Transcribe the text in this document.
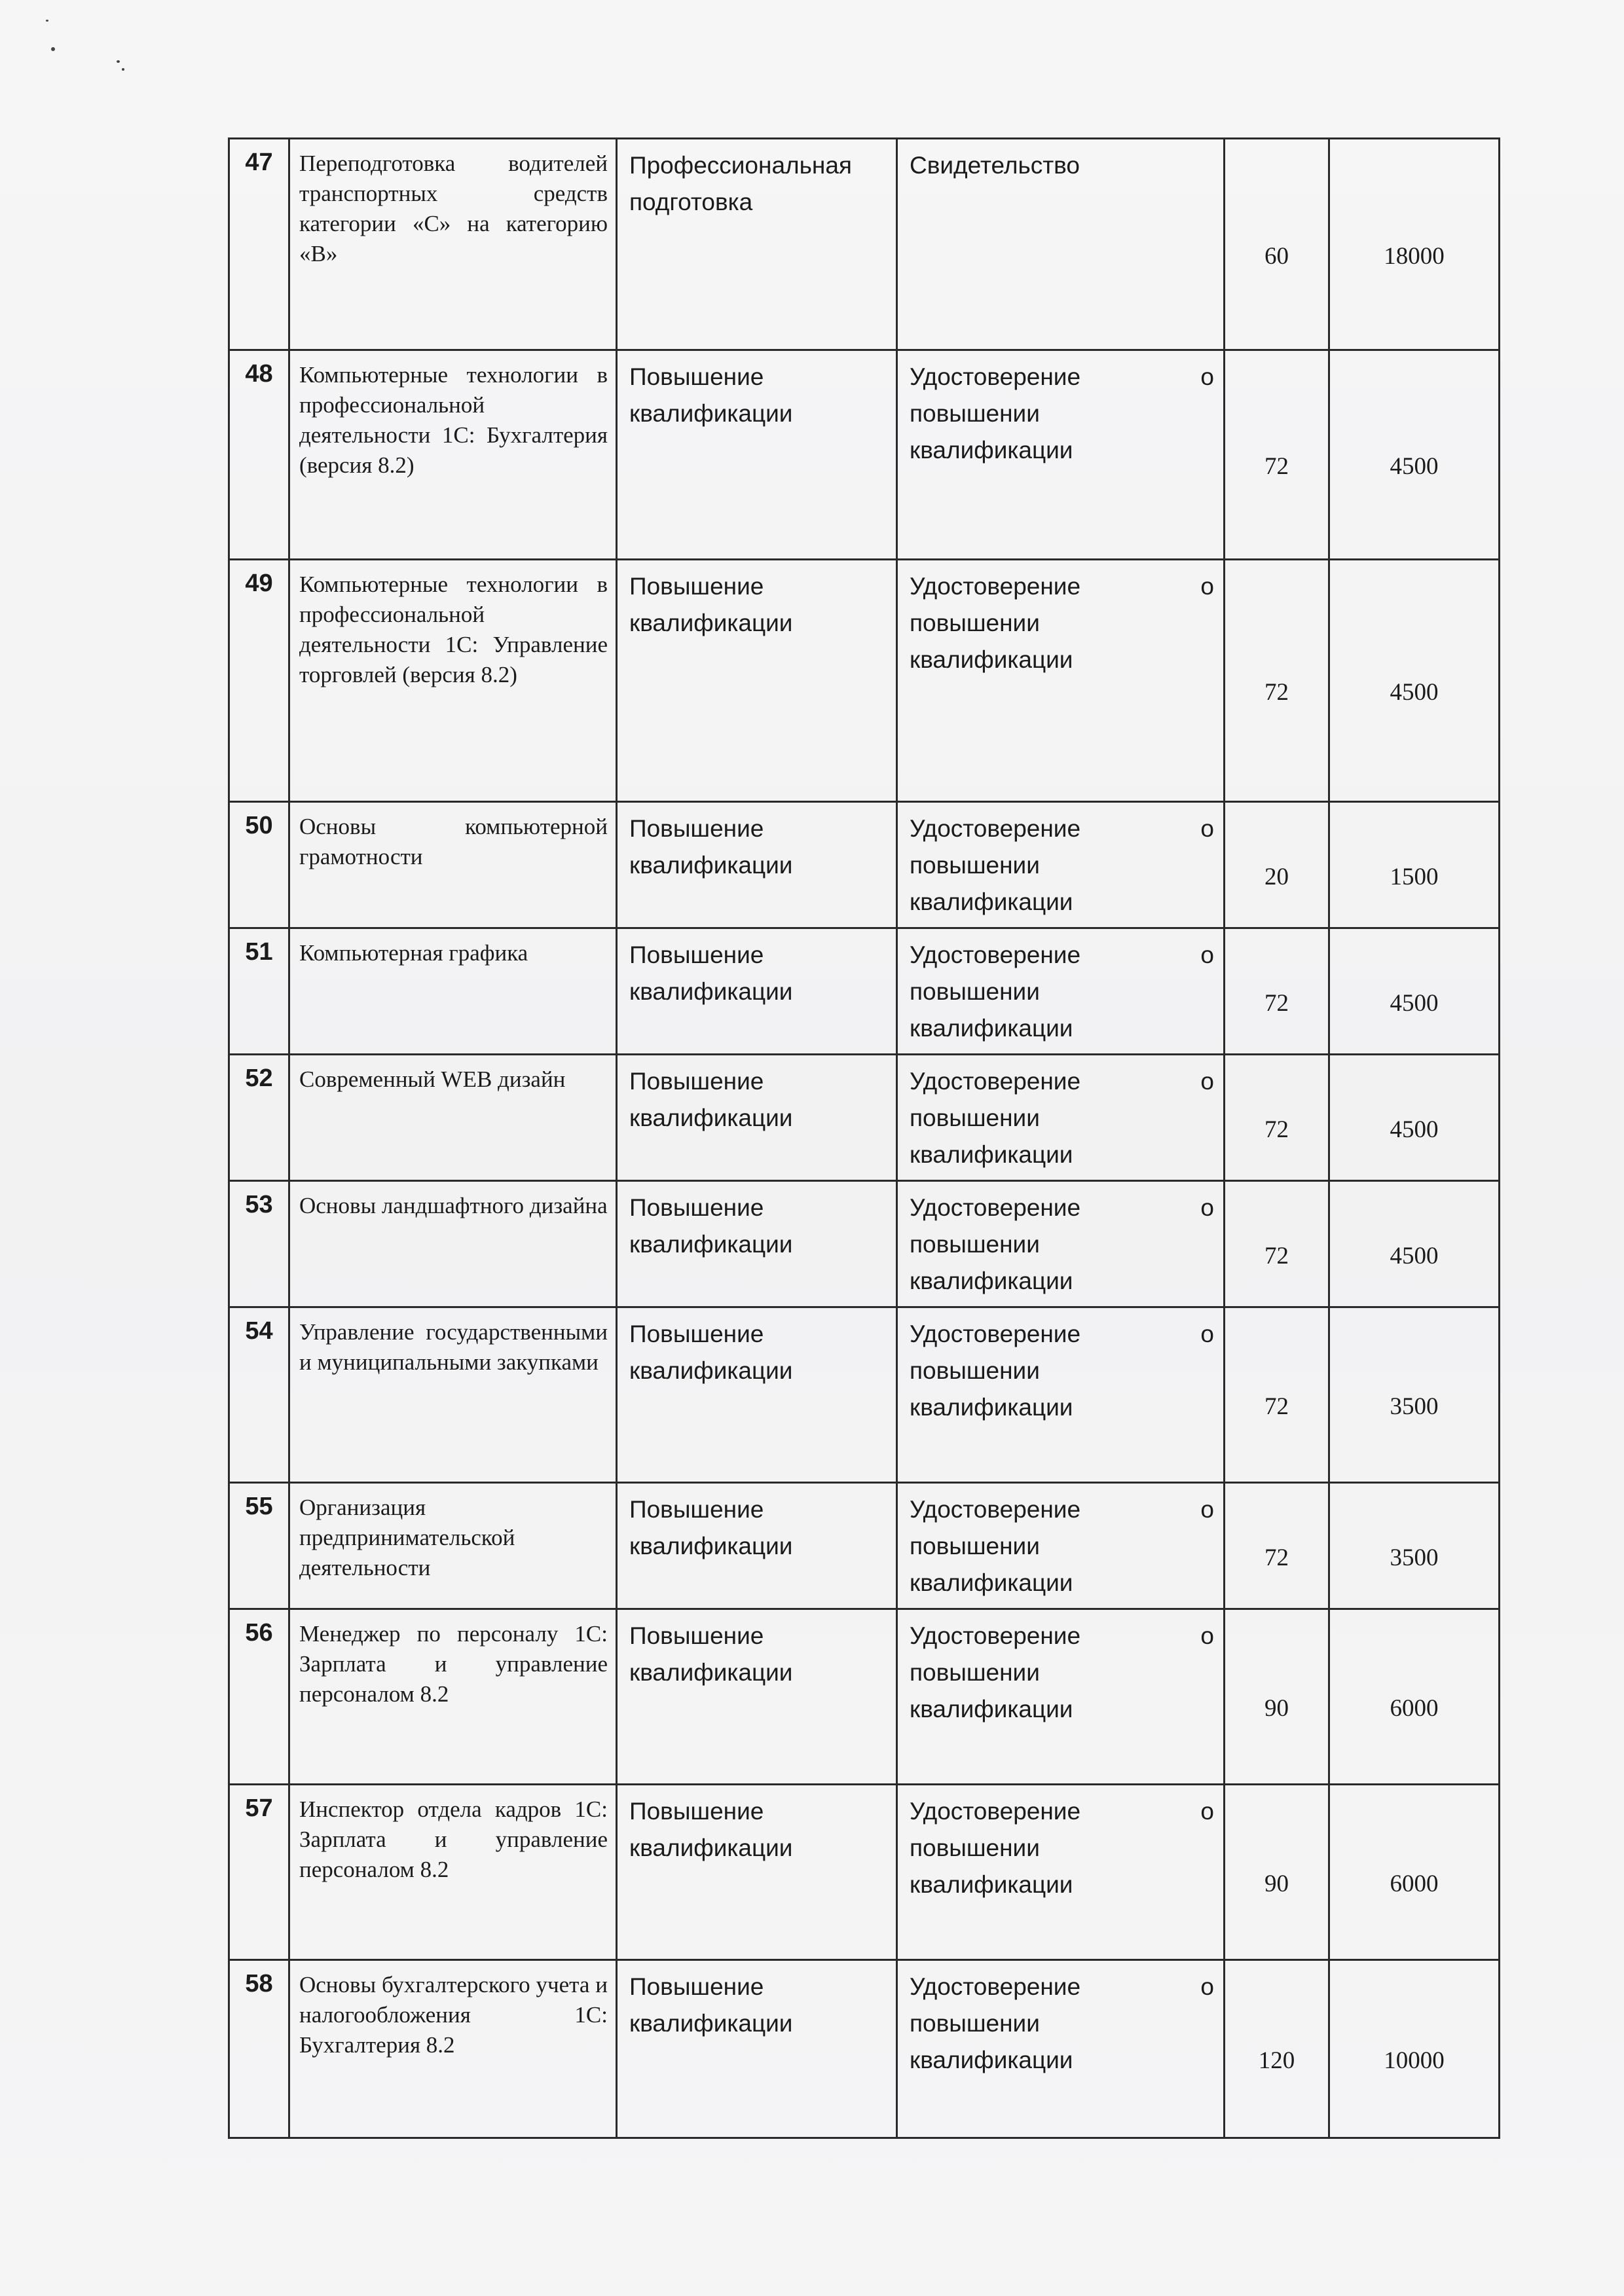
47	Переподготовка водителей транспортных средств категории «С» на категорию «В»	Профессиональная подготовка	Свидетельство	60	18000
48	Компьютерные технологии в профессиональной деятельности 1С: Бухгалтерия (версия 8.2)	Повышение квалификации	Удостоверение о
повышении
квалификации	72	4500
49	Компьютерные технологии в профессиональной деятельности 1С: Управление торговлей (версия 8.2)	Повышение квалификации	Удостоверение о
повышении
квалификации	72	4500
50	Основы компьютерной грамотности	Повышение квалификации	Удостоверение о
повышении
квалификации	20	1500
51	Компьютерная графика	Повышение квалификации	Удостоверение о
повышении
квалификации	72	4500
52	Современный WEB дизайн	Повышение квалификации	Удостоверение о
повышении
квалификации	72	4500
53	Основы ландшафтного дизайна	Повышение квалификации	Удостоверение о
повышении
квалификации	72	4500
54	Управление государственными и муниципальными закупками	Повышение квалификации	Удостоверение о
повышении
квалификации	72	3500
55	Организация предпринимательской деятельности	Повышение квалификации	Удостоверение о
повышении
квалификации	72	3500
56	Менеджер по персоналу 1С: Зарплата и управление персоналом 8.2	Повышение квалификации	Удостоверение о
повышении
квалификации	90	6000
57	Инспектор отдела кадров 1С: Зарплата и управление персоналом 8.2	Повышение квалификации	Удостоверение о
повышении
квалификации	90	6000
58	Основы бухгалтерского учета и налогообложения 1С: Бухгалтерия 8.2	Повышение квалификации	Удостоверение о
повышении
квалификации	120	10000
